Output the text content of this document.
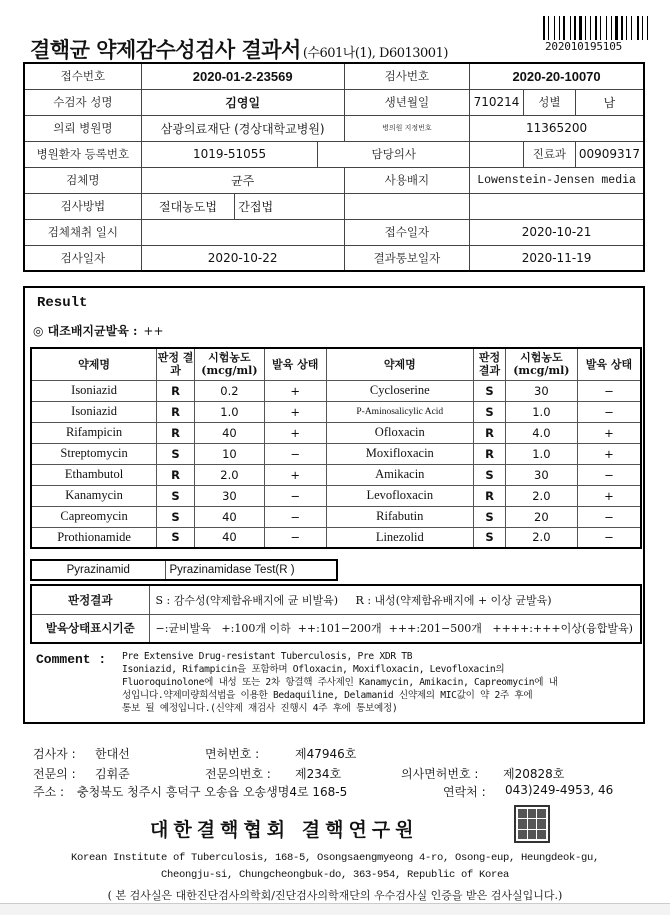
결핵균 약제감수성검사 결과서 (수601나(1), D6013001)	202010195105
접수번호	2020-01-2-23569			검사번호	2020-20-10070		
수검자 성명	김영일			생년월일	710214	성별	남
의뢰 병원명	삼광의료재단 (경상대학교병원)			병의원 지정번호	11365200		
병원환자 등록번호	1019-51055		담당의사			진료과	00909317
검체명	균주			사용배지	Lowenstein-Jensen media		
검사방법	절대농도법	간접법					
검체채취 일시				접수일자	2020-10-21		
검사일자	2020-10-22			결과통보일자	2020-11-19		
Result
◎ 대조배지균발육 : ++
약제명	판정 결과	시험농도 (mcg/ml)	발육 상태	약제명	판정 결과	시험농도 (mcg/ml)	발육 상태
Isoniazid	R	0.2	+	Cycloserine	S	30	−
Isoniazid	R	1.0	+	P-Aminosalicylic Acid	S	1.0	−
Rifampicin	R	40	+	Ofloxacin	R	4.0	+
Streptomycin	S	10	−	Moxifloxacin	R	1.0	+
Ethambutol	R	2.0	+	Amikacin	S	30	−
Kanamycin	S	30	−	Levofloxacin	R	2.0	+
Capreomycin	S	40	−	Rifabutin	S	20	−
Prothionamide	S	40	−	Linezolid	S	2.0	−
Pyrazinamid	Pyrazinamidase Test(R )
판정결과	S : 감수성(약제함유배지에 균 비발육)     R : 내성(약제함유배지에 + 이상 균발육)
발육상태표시기준	−:균비발육   +:100개 이하  ++:101−200개  +++:201−500개   ++++:+++이상(융합발육)
Comment : Pre Extensive Drug-resistant Tuberculosis, Pre XDR TB
Isoniazid, Rifampicin을 포함하며 Ofloxacin, Moxifloxacin, Levofloxacin의
Fluoroquinolone에 내성 또는 2차 항결핵 주사제인 Kanamycin, Amikacin, Capreomycin에 내
성입니다.약제미량희석법을 이용한 Bedaquiline, Delamanid 신약제의 MIC값이 약 2주 후에
통보 될 예정입니다.(신약제 재검사 진행시 4주 후에 통보예정)
검사자 : 한대선	면허번호 :	제47946호
전문의 : 김휘준	전문의번호 : 제234호	의사면허번호 : 제20828호
주소 : 충청북도 청주시 흥덕구 오송읍 오송생명4로 168-5	연락처 : 043)249-4953, 46
대한결핵협회 결핵연구원
Korean Institute of Tuberculosis, 168-5, Osongsaengmyeong 4-ro, Osong-eup, Heungdeok-gu,
Cheongju-si, Chungcheongbuk-do, 363-954, Republic of Korea
( 본 검사실은 대한진단검사의학회/진단검사의학재단의 우수검사실 인증을 받은 검사실입니다.)
